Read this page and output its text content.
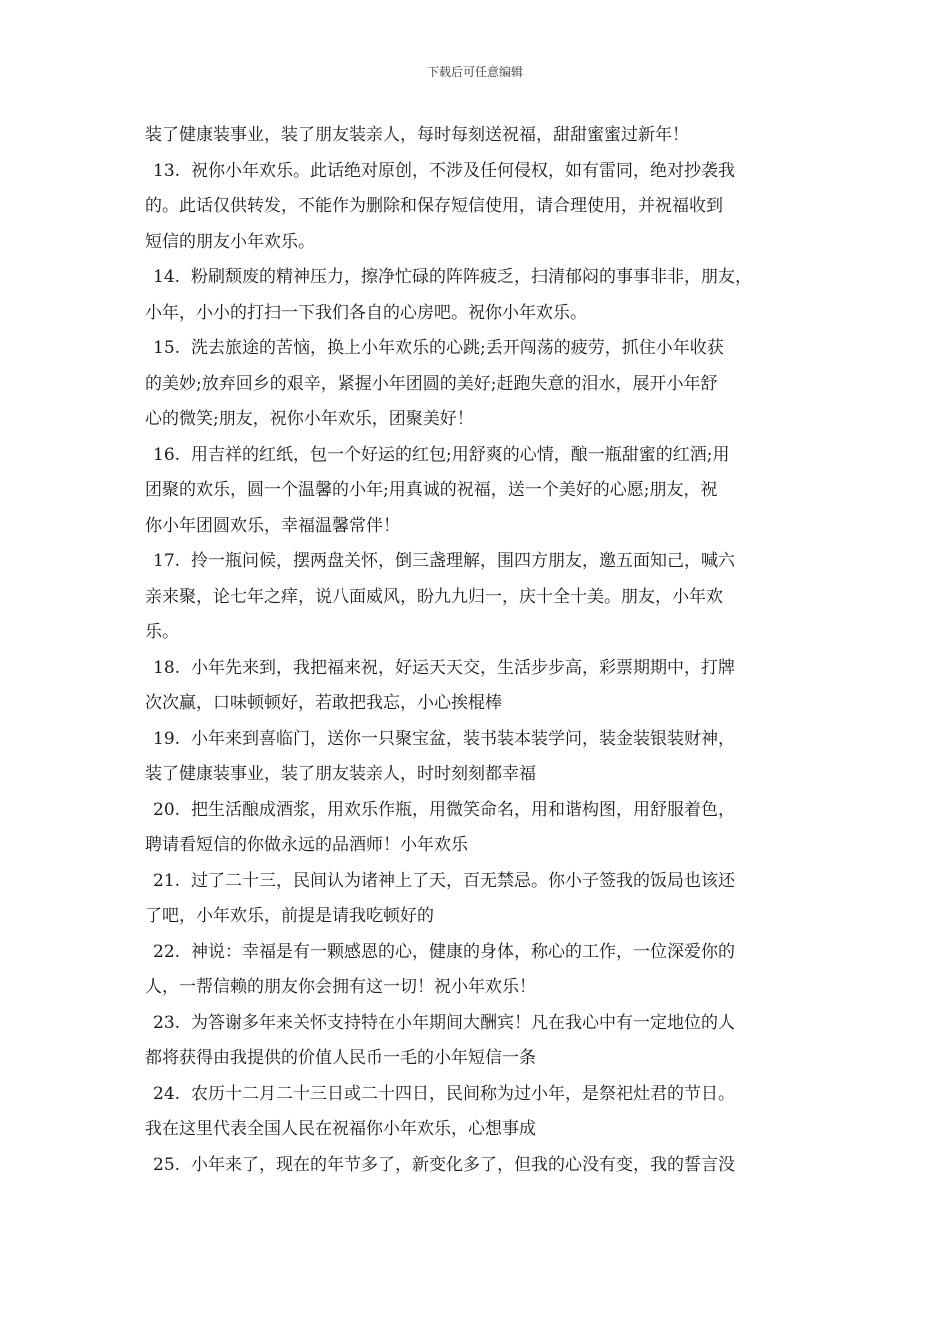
下载后可任意编辑
装了健康装事业，装了朋友装亲人，每时每刻送祝福，甜甜蜜蜜过新年！
13. 祝你小年欢乐。此话绝对原创，不涉及任何侵权，如有雷同，绝对抄袭我
的。此话仅供转发，不能作为删除和保存短信使用，请合理使用，并祝福收到
短信的朋友小年欢乐。
14. 粉刷颓废的精神压力，擦净忙碌的阵阵疲乏，扫清郁闷的事事非非，朋友，
小年，小小的打扫一下我们各自的心房吧。祝你小年欢乐。
15. 洗去旅途的苦恼，换上小年欢乐的心跳;丢开闯荡的疲劳，抓住小年收获
的美妙;放弃回乡的艰辛，紧握小年团圆的美好;赶跑失意的泪水，展开小年舒
心的微笑;朋友，祝你小年欢乐，团聚美好！
16. 用吉祥的红纸，包一个好运的红包;用舒爽的心情，酿一瓶甜蜜的红酒;用
团聚的欢乐，圆一个温馨的小年;用真诚的祝福，送一个美好的心愿;朋友，祝
你小年团圆欢乐，幸福温馨常伴！
17. 拎一瓶问候，摆两盘关怀，倒三盏理解，围四方朋友，邀五面知己，喊六
亲来聚，论七年之痒，说八面威风，盼九九归一，庆十全十美。朋友，小年欢
乐。
18. 小年先来到，我把福来祝，好运天天交，生活步步高，彩票期期中，打牌
次次赢，口味顿顿好，若敢把我忘，小心挨棍棒
19. 小年来到喜临门，送你一只聚宝盆，装书装本装学问，装金装银装财神，
装了健康装事业，装了朋友装亲人，时时刻刻都幸福
20. 把生活酿成酒浆，用欢乐作瓶，用微笑命名，用和谐构图，用舒服着色，
聘请看短信的你做永远的品酒师！小年欢乐
21. 过了二十三，民间认为诸神上了天，百无禁忌。你小子签我的饭局也该还
了吧，小年欢乐，前提是请我吃顿好的
22. 神说：幸福是有一颗感恩的心，健康的身体，称心的工作，一位深爱你的
人，一帮信赖的朋友你会拥有这一切！祝小年欢乐！
23. 为答谢多年来关怀支持特在小年期间大酬宾！凡在我心中有一定地位的人
都将获得由我提供的价值人民币一毛的小年短信一条
24. 农历十二月二十三日或二十四日，民间称为过小年，是祭祀灶君的节日。
我在这里代表全国人民在祝福你小年欢乐，心想事成
25. 小年来了，现在的年节多了，新变化多了，但我的心没有变，我的誓言没
